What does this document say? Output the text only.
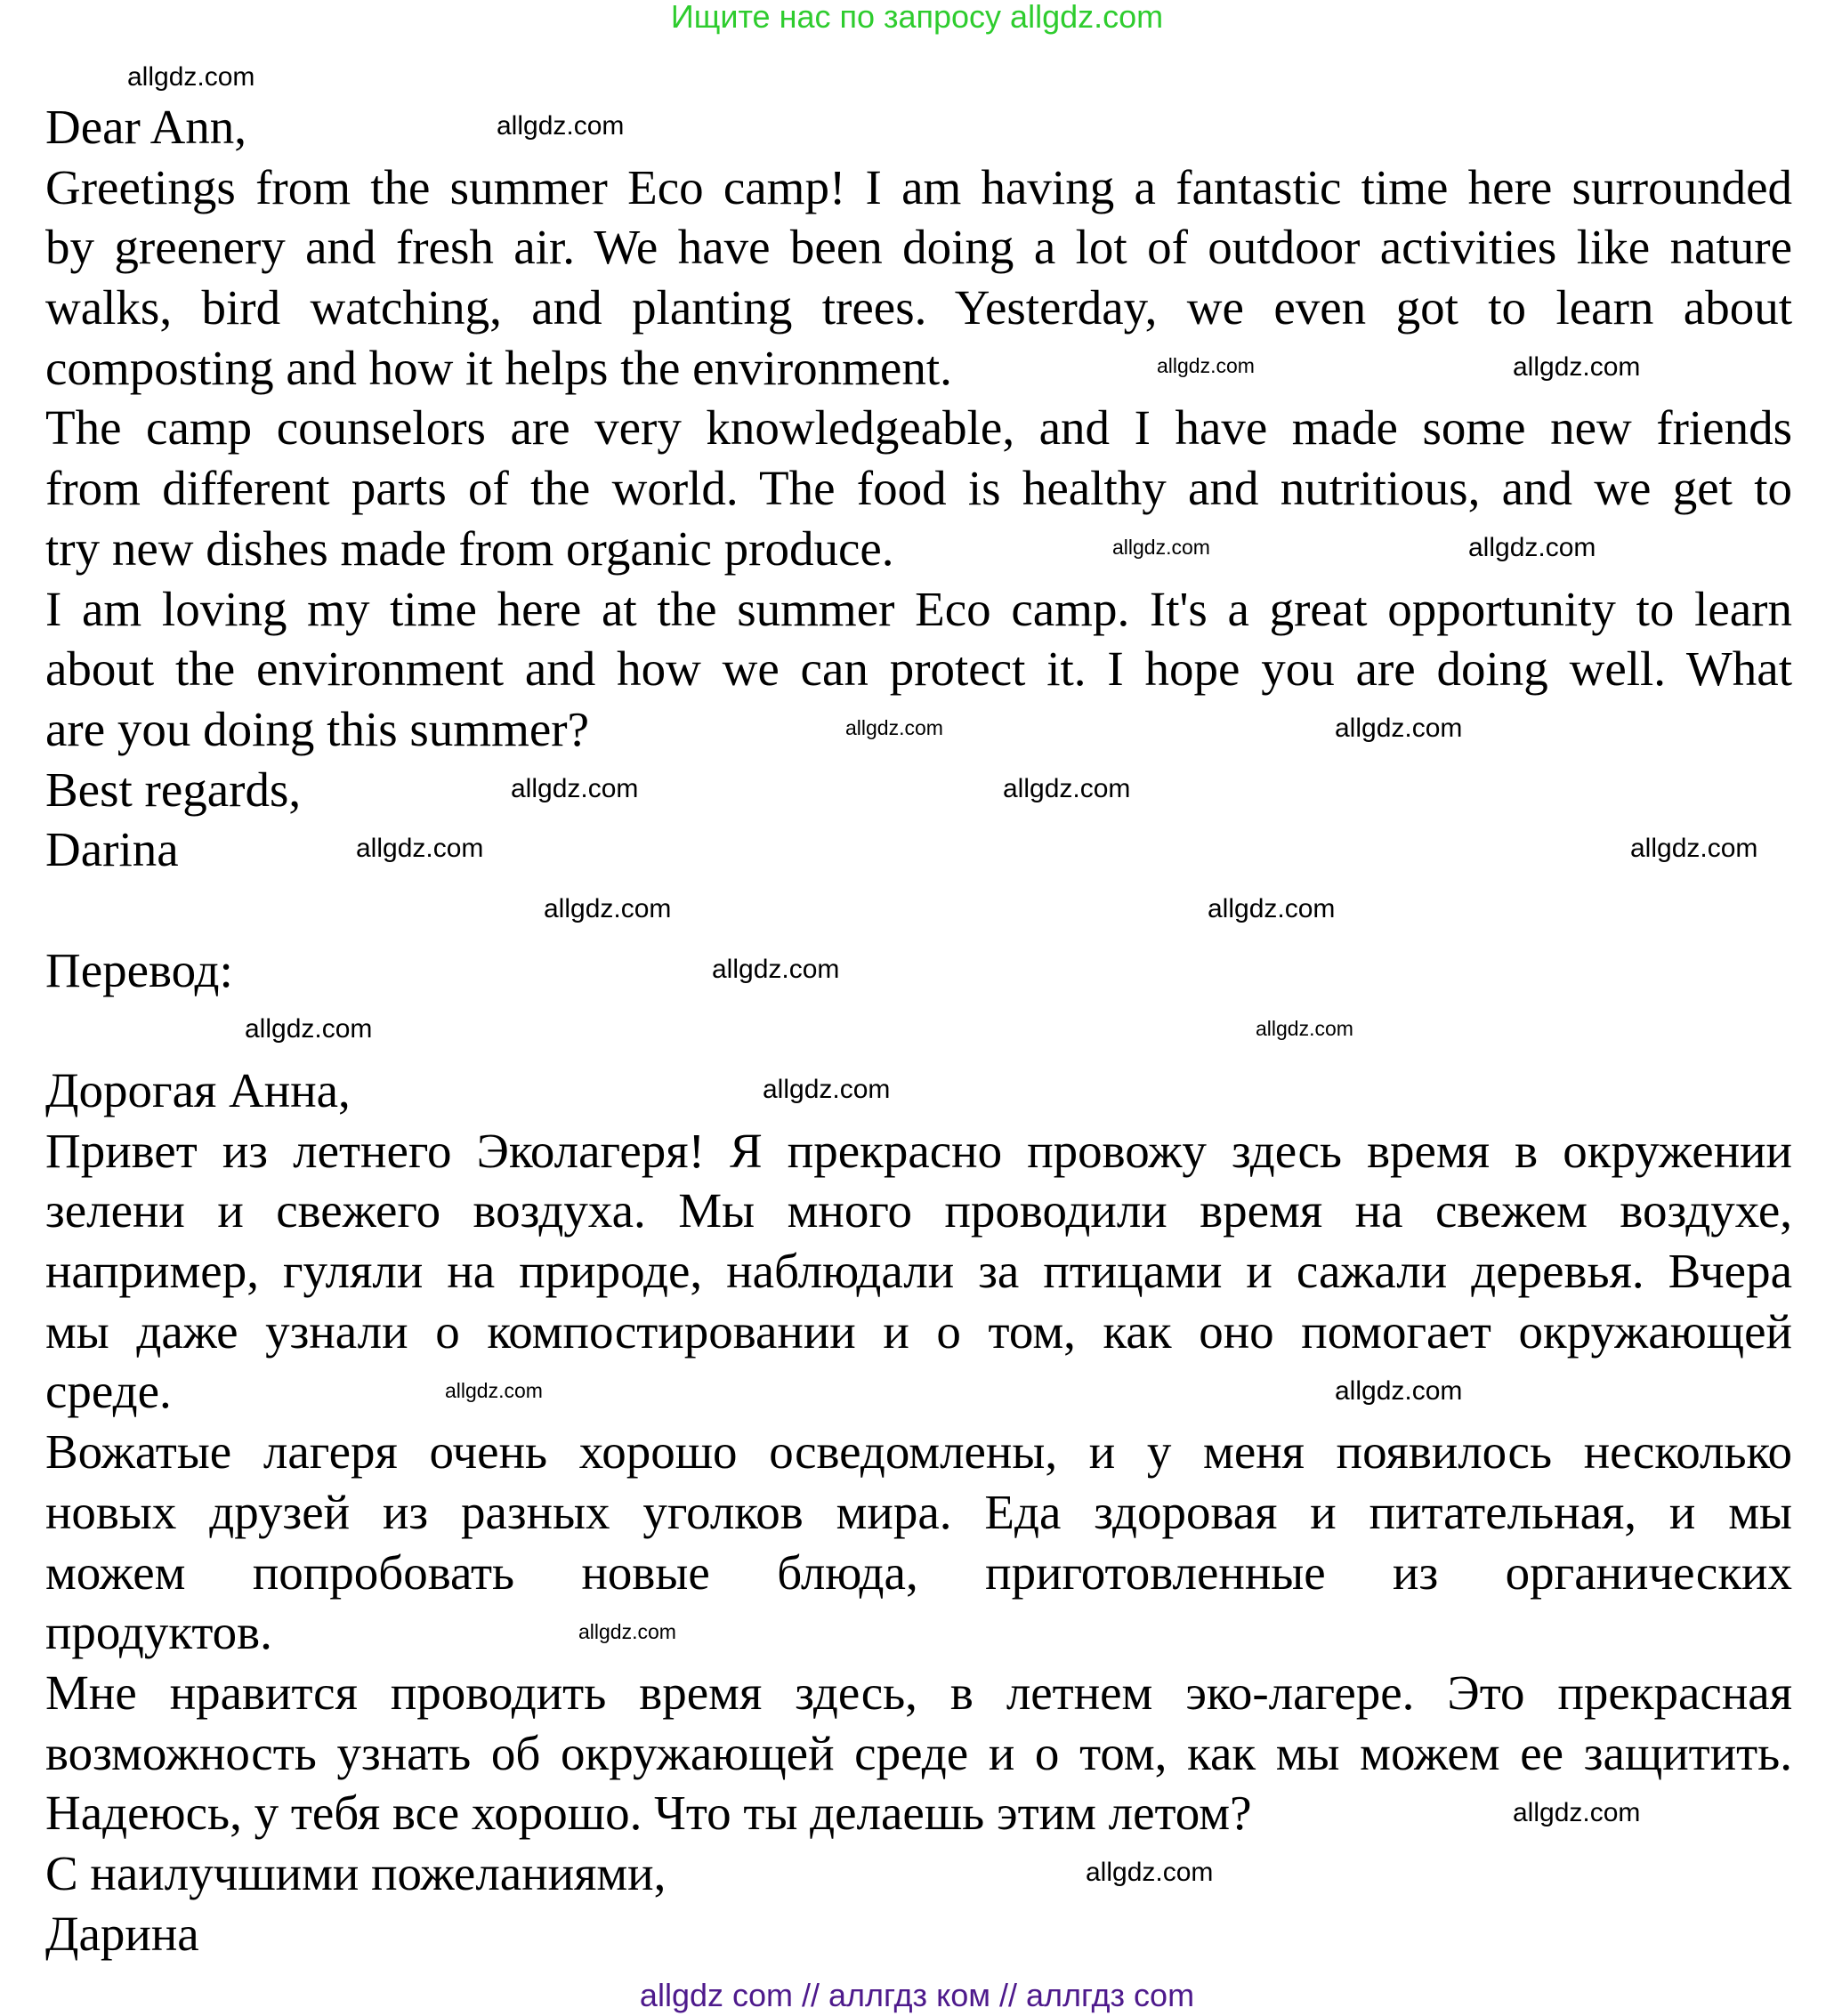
Ищите нас по запросу allgdz.com
Dear Ann,
Greetings from the summer Eco camp! I am having a fantastic time here surrounded
by greenery and fresh air. We have been doing a lot of outdoor activities like nature
walks, bird watching, and planting trees. Yesterday, we even got to learn about
composting and how it helps the environment.
The camp counselors are very knowledgeable, and I have made some new friends
from different parts of the world. The food is healthy and nutritious, and we get to
try new dishes made from organic produce.
I am loving my time here at the summer Eco camp. It's a great opportunity to learn
about the environment and how we can protect it. I hope you are doing well. What
are you doing this summer?
Best regards,
Darina
Перевод:
Дорогая Анна,
Привет из летнего Эколагеря! Я прекрасно провожу здесь время в окружении
зелени и свежего воздуха. Мы много проводили время на свежем воздухе,
например, гуляли на природе, наблюдали за птицами и сажали деревья. Вчера
мы даже узнали о компостировании и о том, как оно помогает окружающей
среде.
Вожатые лагеря очень хорошо осведомлены, и у меня появилось несколько
новых друзей из разных уголков мира. Еда здоровая и питательная, и мы
можем попробовать новые блюда, приготовленные из органических
продуктов.
Мне нравится проводить время здесь, в летнем эко-лагере. Это прекрасная
возможность узнать об окружающей среде и о том, как мы можем ее защитить.
Надеюсь, у тебя все хорошо. Что ты делаешь этим летом?
С наилучшими пожеланиями,
Дарина
allgdz.com
allgdz.com
allgdz.com	allgdz.com
allgdz.com	allgdz.com
allgdz.com	allgdz.com
allgdz.com	allgdz.com
allgdz.com	allgdz.com
allgdz.com	allgdz.com
allgdz.com
allgdz.com	allgdz.com
allgdz.com
allgdz.com	allgdz.com
allgdz.com
allgdz.com
allgdz.com
allgdz com // аллгдз ком // аллгдз com
